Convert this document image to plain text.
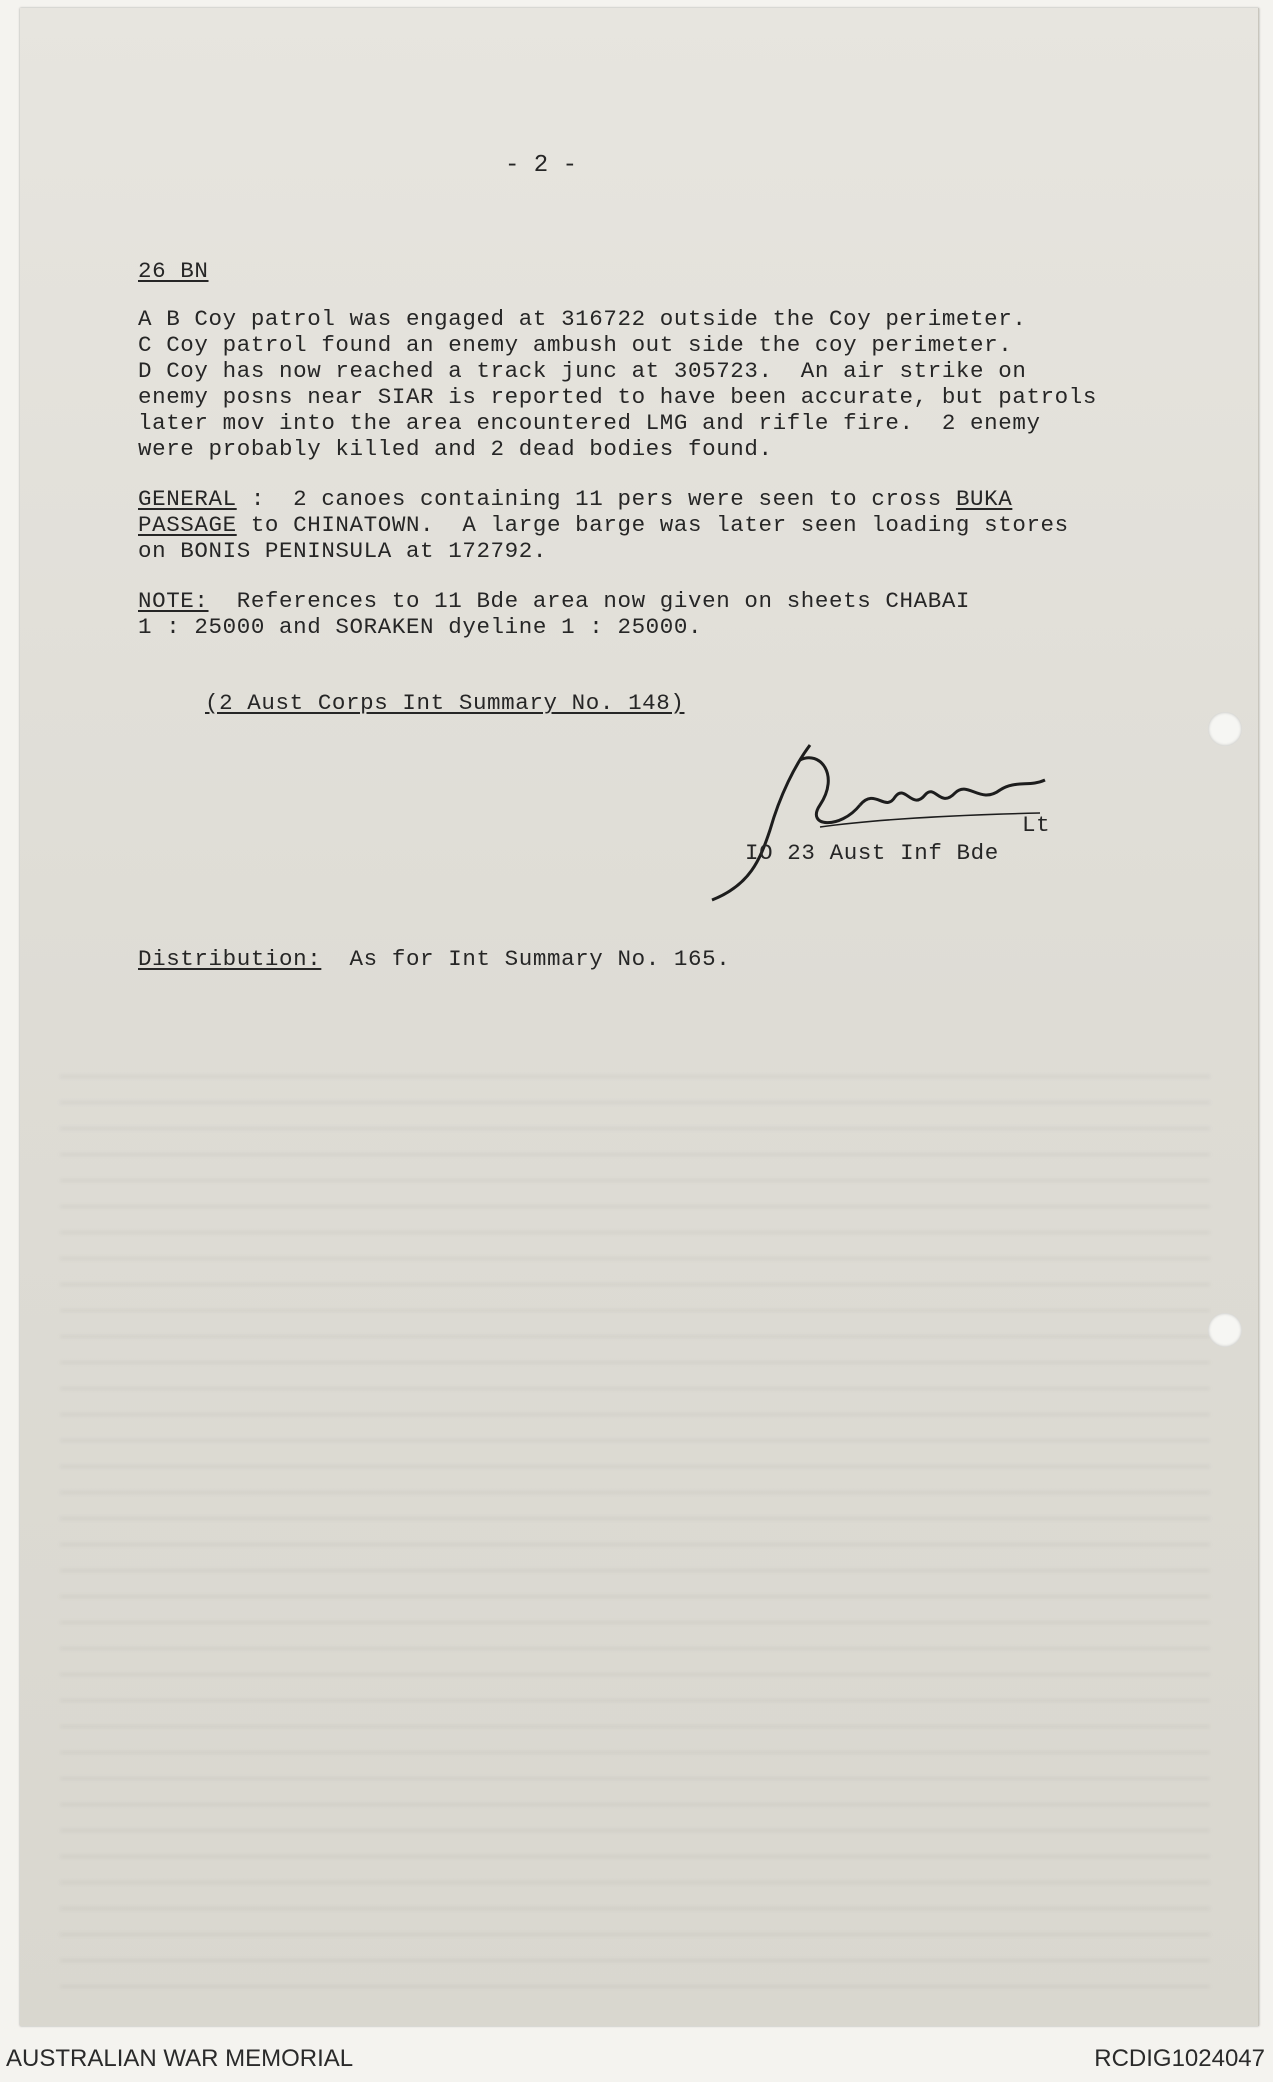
- 2 -
26 BN
A B Coy patrol was engaged at 316722 outside the Coy perimeter.
C Coy patrol found an enemy ambush out side the coy perimeter.
D Coy has now reached a track junc at 305723.  An air strike on
enemy posns near SIAR is reported to have been accurate, but patrols
later mov into the area encountered LMG and rifle fire.  2 enemy
were probably killed and 2 dead bodies found.
GENERAL :  2 canoes containing 11 pers were seen to cross BUKA
PASSAGE to CHINATOWN.  A large barge was later seen loading stores
on BONIS PENINSULA at 172792.
NOTE:  References to 11 Bde area now given on sheets CHABAI
1 : 25000 and SORAKEN dyeline 1 : 25000.
(2 Aust Corps Int Summary No. 148)
Lt
IO 23 Aust Inf Bde
Distribution:  As for Int Summary No. 165.
AUSTRALIAN WAR MEMORIAL	RCDIG1024047
